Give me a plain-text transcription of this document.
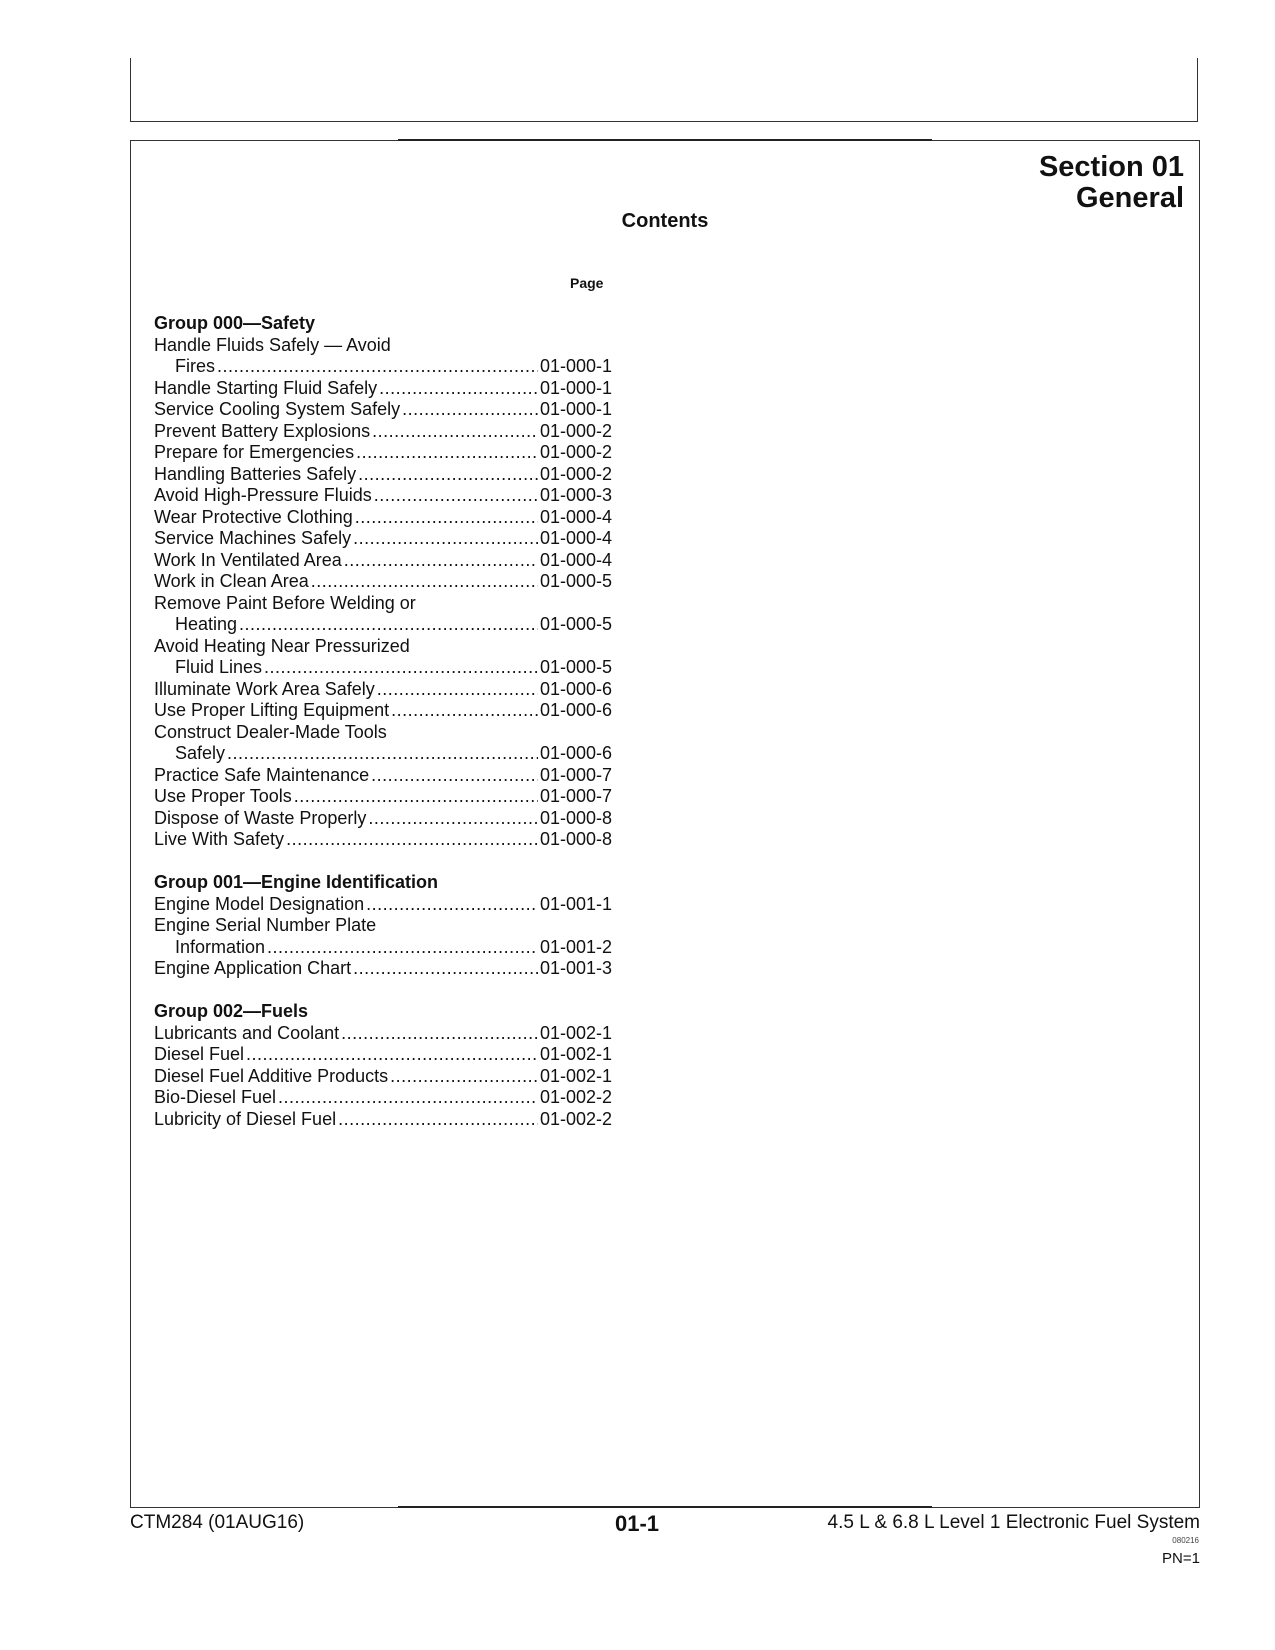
Section 01
General
Contents
Page
Group 000—Safety
Handle Fluids Safely — Avoid
Fires .....	01-000-1
Handle Starting Fluid Safely .....	01-000-1
Service Cooling System Safely .....	01-000-1
Prevent Battery Explosions .....	01-000-2
Prepare for Emergencies .....	01-000-2
Handling Batteries Safely .....	01-000-2
Avoid High-Pressure Fluids .....	01-000-3
Wear Protective Clothing .....	01-000-4
Service Machines Safely .....	01-000-4
Work In Ventilated Area .....	01-000-4
Work in Clean Area .....	01-000-5
Remove Paint Before Welding or
Heating .....	01-000-5
Avoid Heating Near Pressurized
Fluid Lines .....	01-000-5
Illuminate Work Area Safely .....	01-000-6
Use Proper Lifting Equipment .....	01-000-6
Construct Dealer-Made Tools
Safely .....	01-000-6
Practice Safe Maintenance .....	01-000-7
Use Proper Tools .....	01-000-7
Dispose of Waste Properly .....	01-000-8
Live With Safety .....	01-000-8
Group 001—Engine Identification
Engine Model Designation .....	01-001-1
Engine Serial Number Plate
Information .....	01-001-2
Engine Application Chart .....	01-001-3
Group 002—Fuels
Lubricants and Coolant .....	01-002-1
Diesel Fuel .....	01-002-1
Diesel Fuel Additive Products .....	01-002-1
Bio-Diesel Fuel .....	01-002-2
Lubricity of Diesel Fuel .....	01-002-2
CTM284 (01AUG16)	01-1	4.5 L & 6.8 L Level 1 Electronic Fuel System
080216
PN=1
